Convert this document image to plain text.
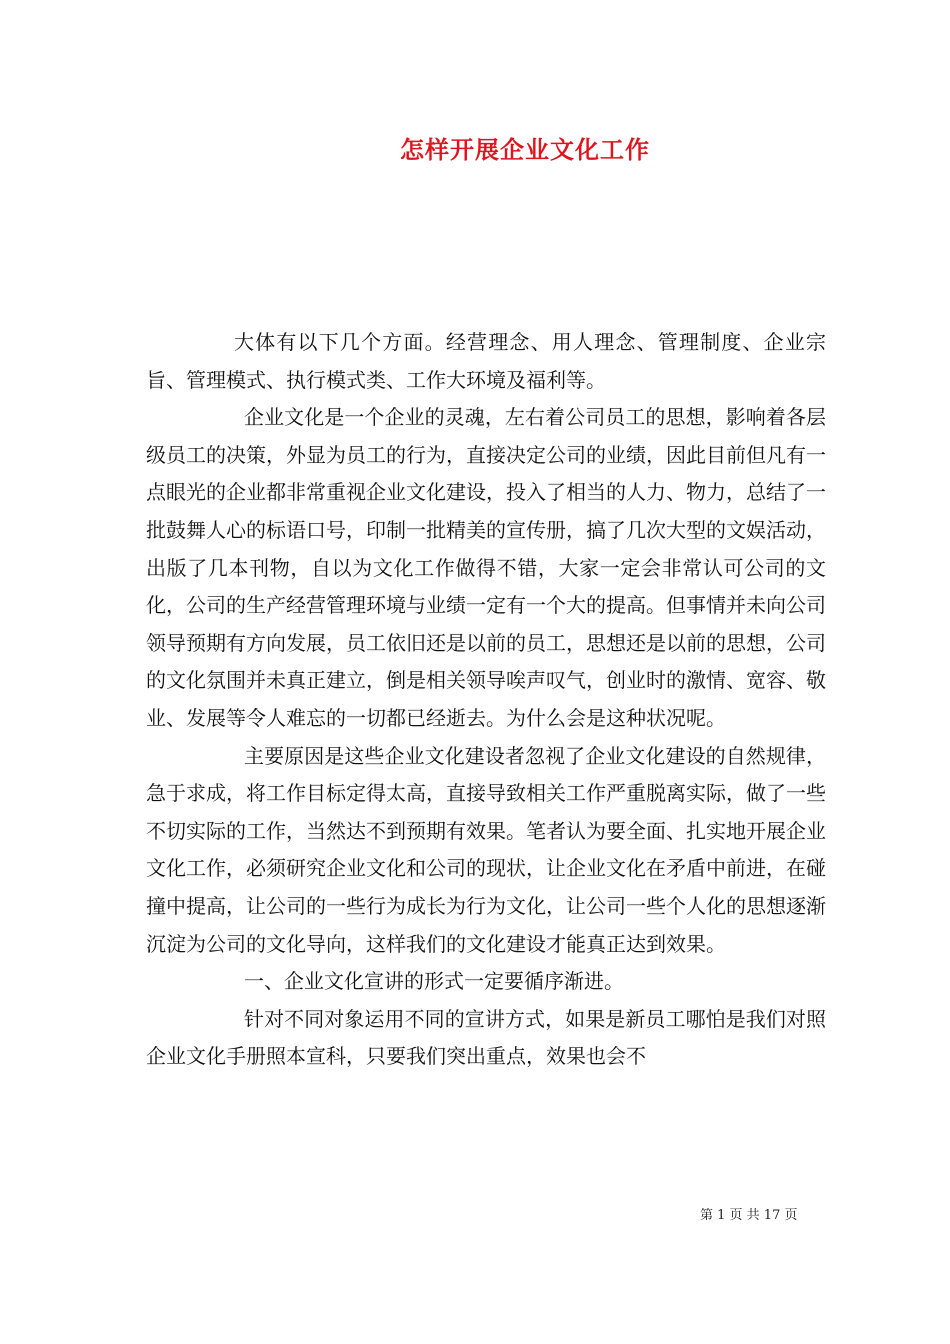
怎样开展企业文化工作

大体有以下几个方面。经营理念、用人理念、管理制度、企业宗旨、管理模式、执行模式类、工作大环境及福利等。

企业文化是一个企业的灵魂，左右着公司员工的思想，影响着各层级员工的决策，外显为员工的行为，直接决定公司的业绩，因此目前但凡有一点眼光的企业都非常重视企业文化建设，投入了相当的人力、物力，总结了一批鼓舞人心的标语口号，印制一批精美的宣传册，搞了几次大型的文娱活动，出版了几本刊物，自以为文化工作做得不错，大家一定会非常认可公司的文化，公司的生产经营管理环境与业绩一定有一个大的提高。但事情并未向公司领导预期有方向发展，员工依旧还是以前的员工，思想还是以前的思想，公司的文化氛围并未真正建立，倒是相关领导唉声叹气，创业时的激情、宽容、敬业、发展等令人难忘的一切都已经逝去。为什么会是这种状况呢。

主要原因是这些企业文化建设者忽视了企业文化建设的自然规律，急于求成，将工作目标定得太高，直接导致相关工作严重脱离实际，做了一些不切实际的工作，当然达不到预期有效果。笔者认为要全面、扎实地开展企业文化工作，必须研究企业文化和公司的现状，让企业文化在矛盾中前进，在碰撞中提高，让公司的一些行为成长为行为文化，让公司一些个人化的思想逐渐沉淀为公司的文化导向，这样我们的文化建设才能真正达到效果。

一、企业文化宣讲的形式一定要循序渐进。

针对不同对象运用不同的宣讲方式，如果是新员工哪怕是我们对照企业文化手册照本宣科，只要我们突出重点，效果也会不

第 1 页 共 17 页
